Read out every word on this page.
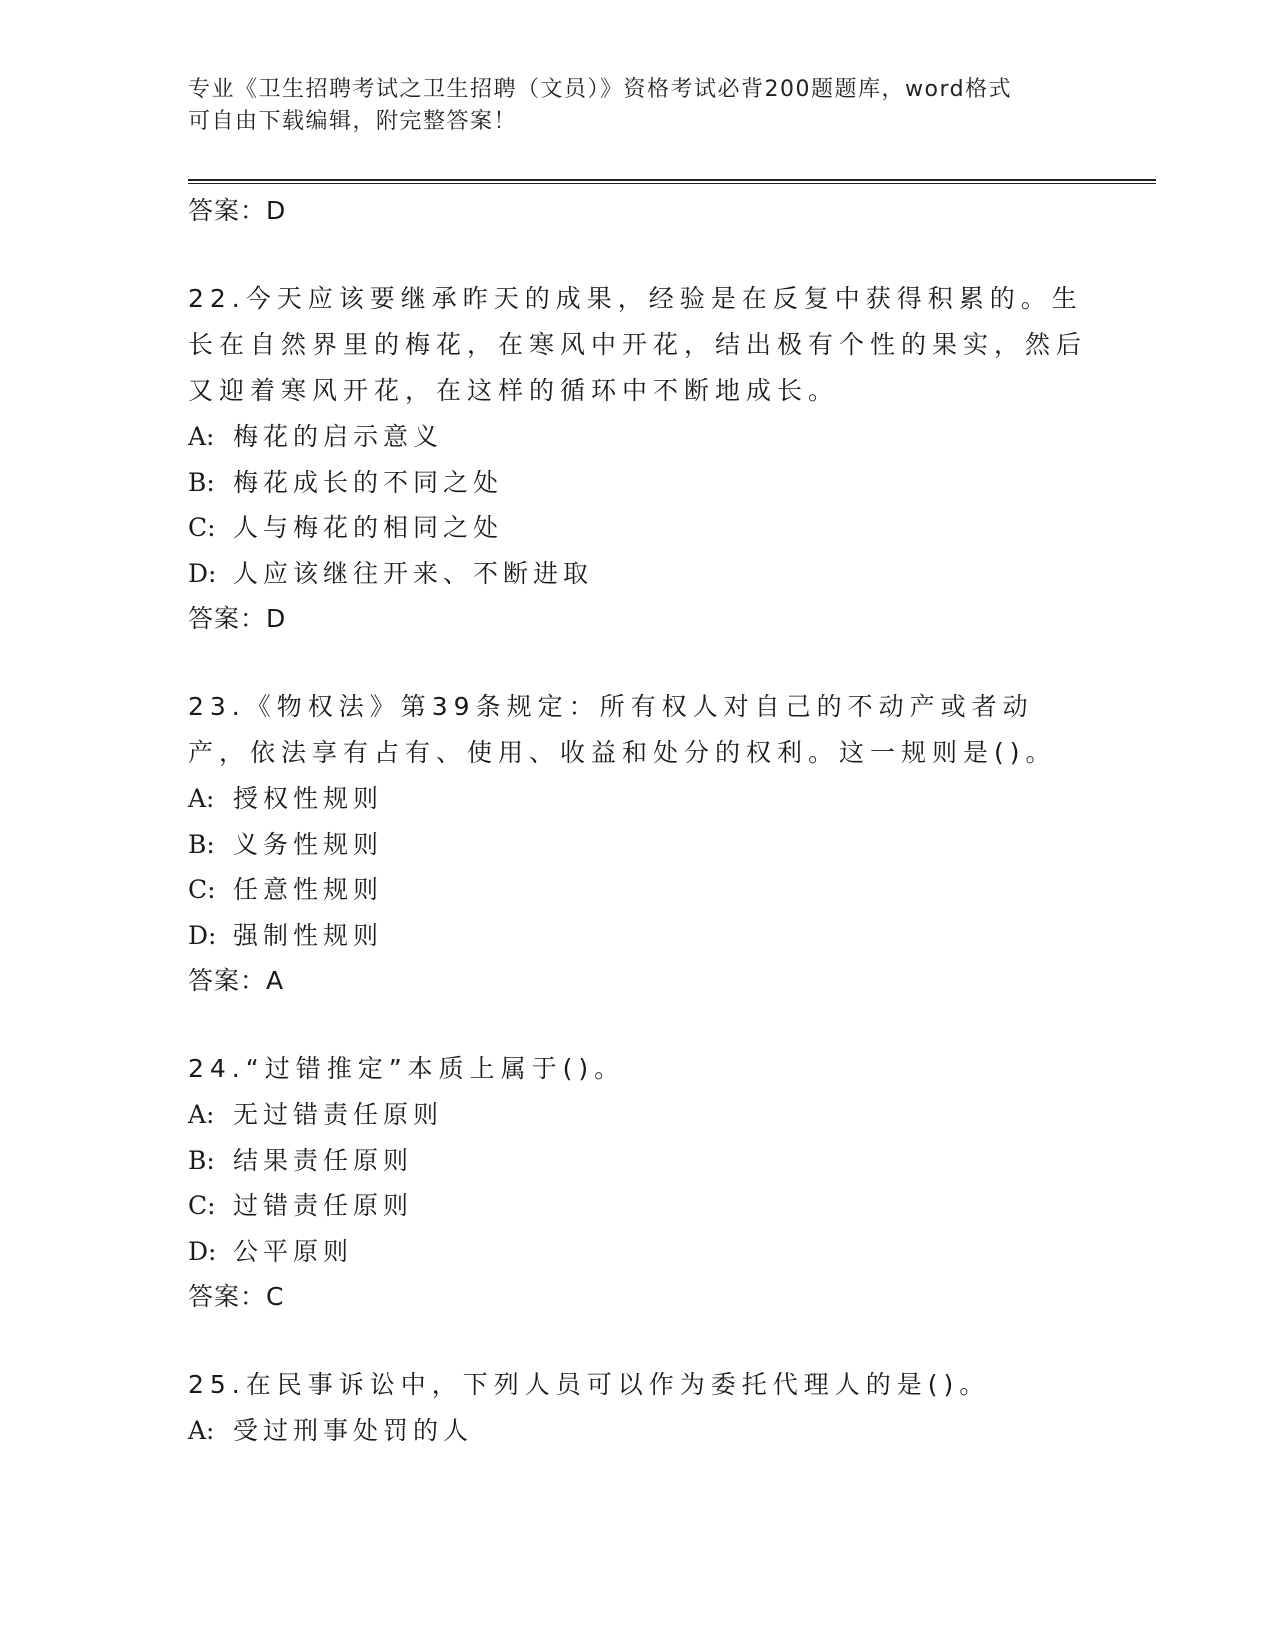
专业《卫生招聘考试之卫生招聘（文员）》资格考试必背200题题库，word格式
可自由下载编辑，附完整答案！
答案：D
22.今天应该要继承昨天的成果，经验是在反复中获得积累的。生长在自然界里的梅花，在寒风中开花，结出极有个性的果实，然后又迎着寒风开花，在这样的循环中不断地成长。
A: 梅花的启示意义
B: 梅花成长的不同之处
C: 人与梅花的相同之处
D: 人应该继往开来、不断进取
答案：D
23.《物权法》第39条规定：所有权人对自己的不动产或者动产，依法享有占有、使用、收益和处分的权利。这一规则是()。
A: 授权性规则
B: 义务性规则
C: 任意性规则
D: 强制性规则
答案：A
24.“过错推定”本质上属于()。
A: 无过错责任原则
B: 结果责任原则
C: 过错责任原则
D: 公平原则
答案：C
25.在民事诉讼中，下列人员可以作为委托代理人的是()。
A: 受过刑事处罚的人
